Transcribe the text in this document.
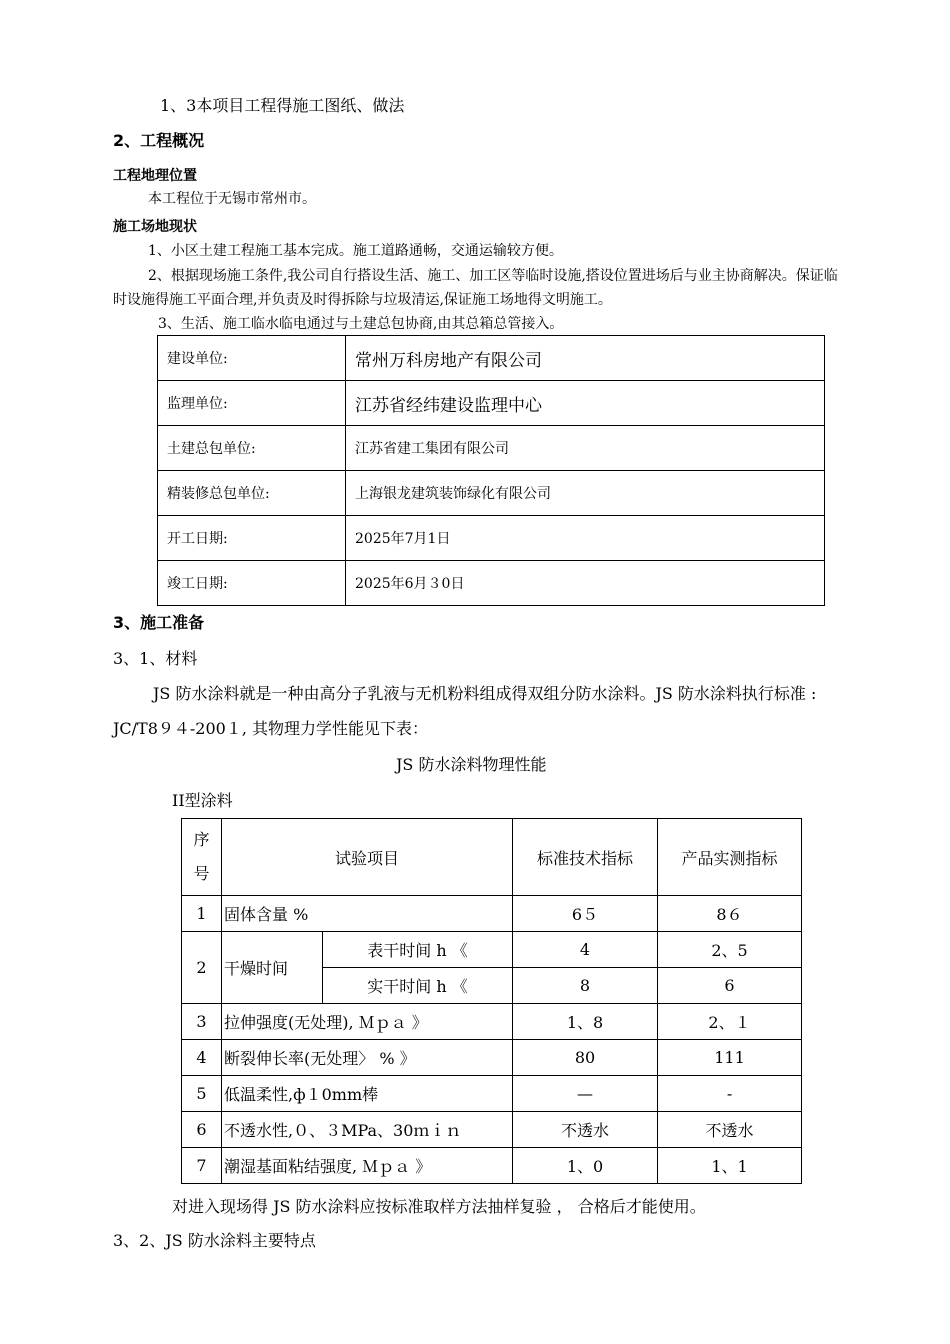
1、3本项目工程得施工图纸、做法
2、工程概况
工程地理位置
本工程位于无锡市常州市。
施工场地现状
1、小区土建工程施工基本完成。施工道路通畅，交通运输较方便。
2、根据现场施工条件,我公司自行搭设生活、施工、加工区等临时设施,搭设位置进场后与业主协商解决。保证临时设施得施工平面合理,并负责及时得拆除与垃圾清运,保证施工场地得文明施工。
3、生活、施工临水临电通过与土建总包协商,由其总箱总管接入。
建设单位:	常州万科房地产有限公司
监理单位:	江苏省经纬建设监理中心
土建总包单位:	江苏省建工集团有限公司
精装修总包单位:	上海银龙建筑装饰绿化有限公司
开工日期:	2025年7月1日
竣工日期:	2025年6月３0日
3、施工准备
3、1、材料
JS 防水涂料就是一种由高分子乳液与无机粉料组成得双组分防水涂料。JS 防水涂料执行标准 : JC/T8９４-200１, 其物理力学性能见下表：
JS 防水涂料物理性能
II型涂料
序号	试验项目		标准技术指标	产品实测指标
1	固体含量 %		6５	8６
2	干燥时间	表干时间 h 《	4	2、5
		实干时间 h 《	8	6
3	拉伸强度(无处理), Ｍｐａ 》		1、8	2、１
4	断裂伸长率(无处理〉 % 》		80	111
5	低温柔性,ф１0mm棒		—	-
6	不透水性,０、３MPa、30ｍｉｎ		不透水	不透水
7	潮湿基面粘结强度, Ｍｐａ 》		1、0	1、1
对进入现场得 JS 防水涂料应按标准取样方法抽样复验 ， 合格后才能使用。
3、2、JS 防水涂料主要特点
